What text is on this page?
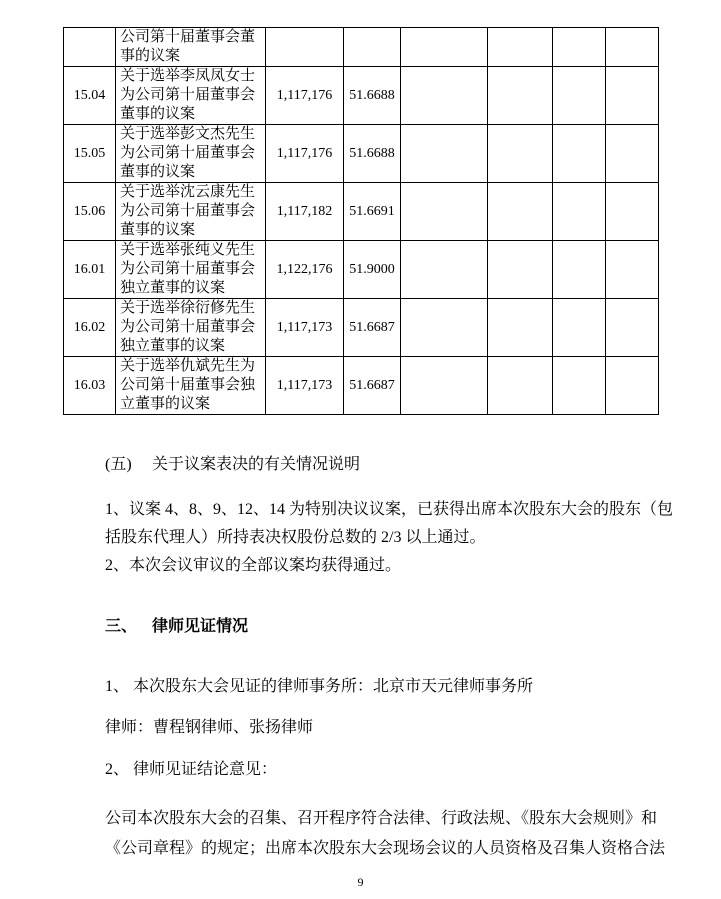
	公司第十届董事会董事的议案						
15.04	关于选举李凤凤女士为公司第十届董事会董事的议案	1,117,176	51.6688				
15.05	关于选举彭文杰先生为公司第十届董事会董事的议案	1,117,176	51.6688				
15.06	关于选举沈云康先生为公司第十届董事会董事的议案	1,117,182	51.6691				
16.01	关于选举张纯义先生为公司第十届董事会独立董事的议案	1,122,176	51.9000				
16.02	关于选举徐衍修先生为公司第十届董事会独立董事的议案	1,117,173	51.6687				
16.03	关于选举仇斌先生为公司第十届董事会独立董事的议案	1,117,173	51.6687				
(五) 关于议案表决的有关情况说明
1、议案 4、8、9、12、14 为特别决议议案，已获得出席本次股东大会的股东（包
括股东代理人）所持表决权股份总数的 2/3 以上通过。
2、本次会议审议的全部议案均获得通过。
三、 律师见证情况
1、 本次股东大会见证的律师事务所：北京市天元律师事务所
律师：曹程钢律师、张扬律师
2、 律师见证结论意见：
公司本次股东大会的召集、召开程序符合法律、行政法规、《股东大会规则》和
《公司章程》的规定；出席本次股东大会现场会议的人员资格及召集人资格合法
9
